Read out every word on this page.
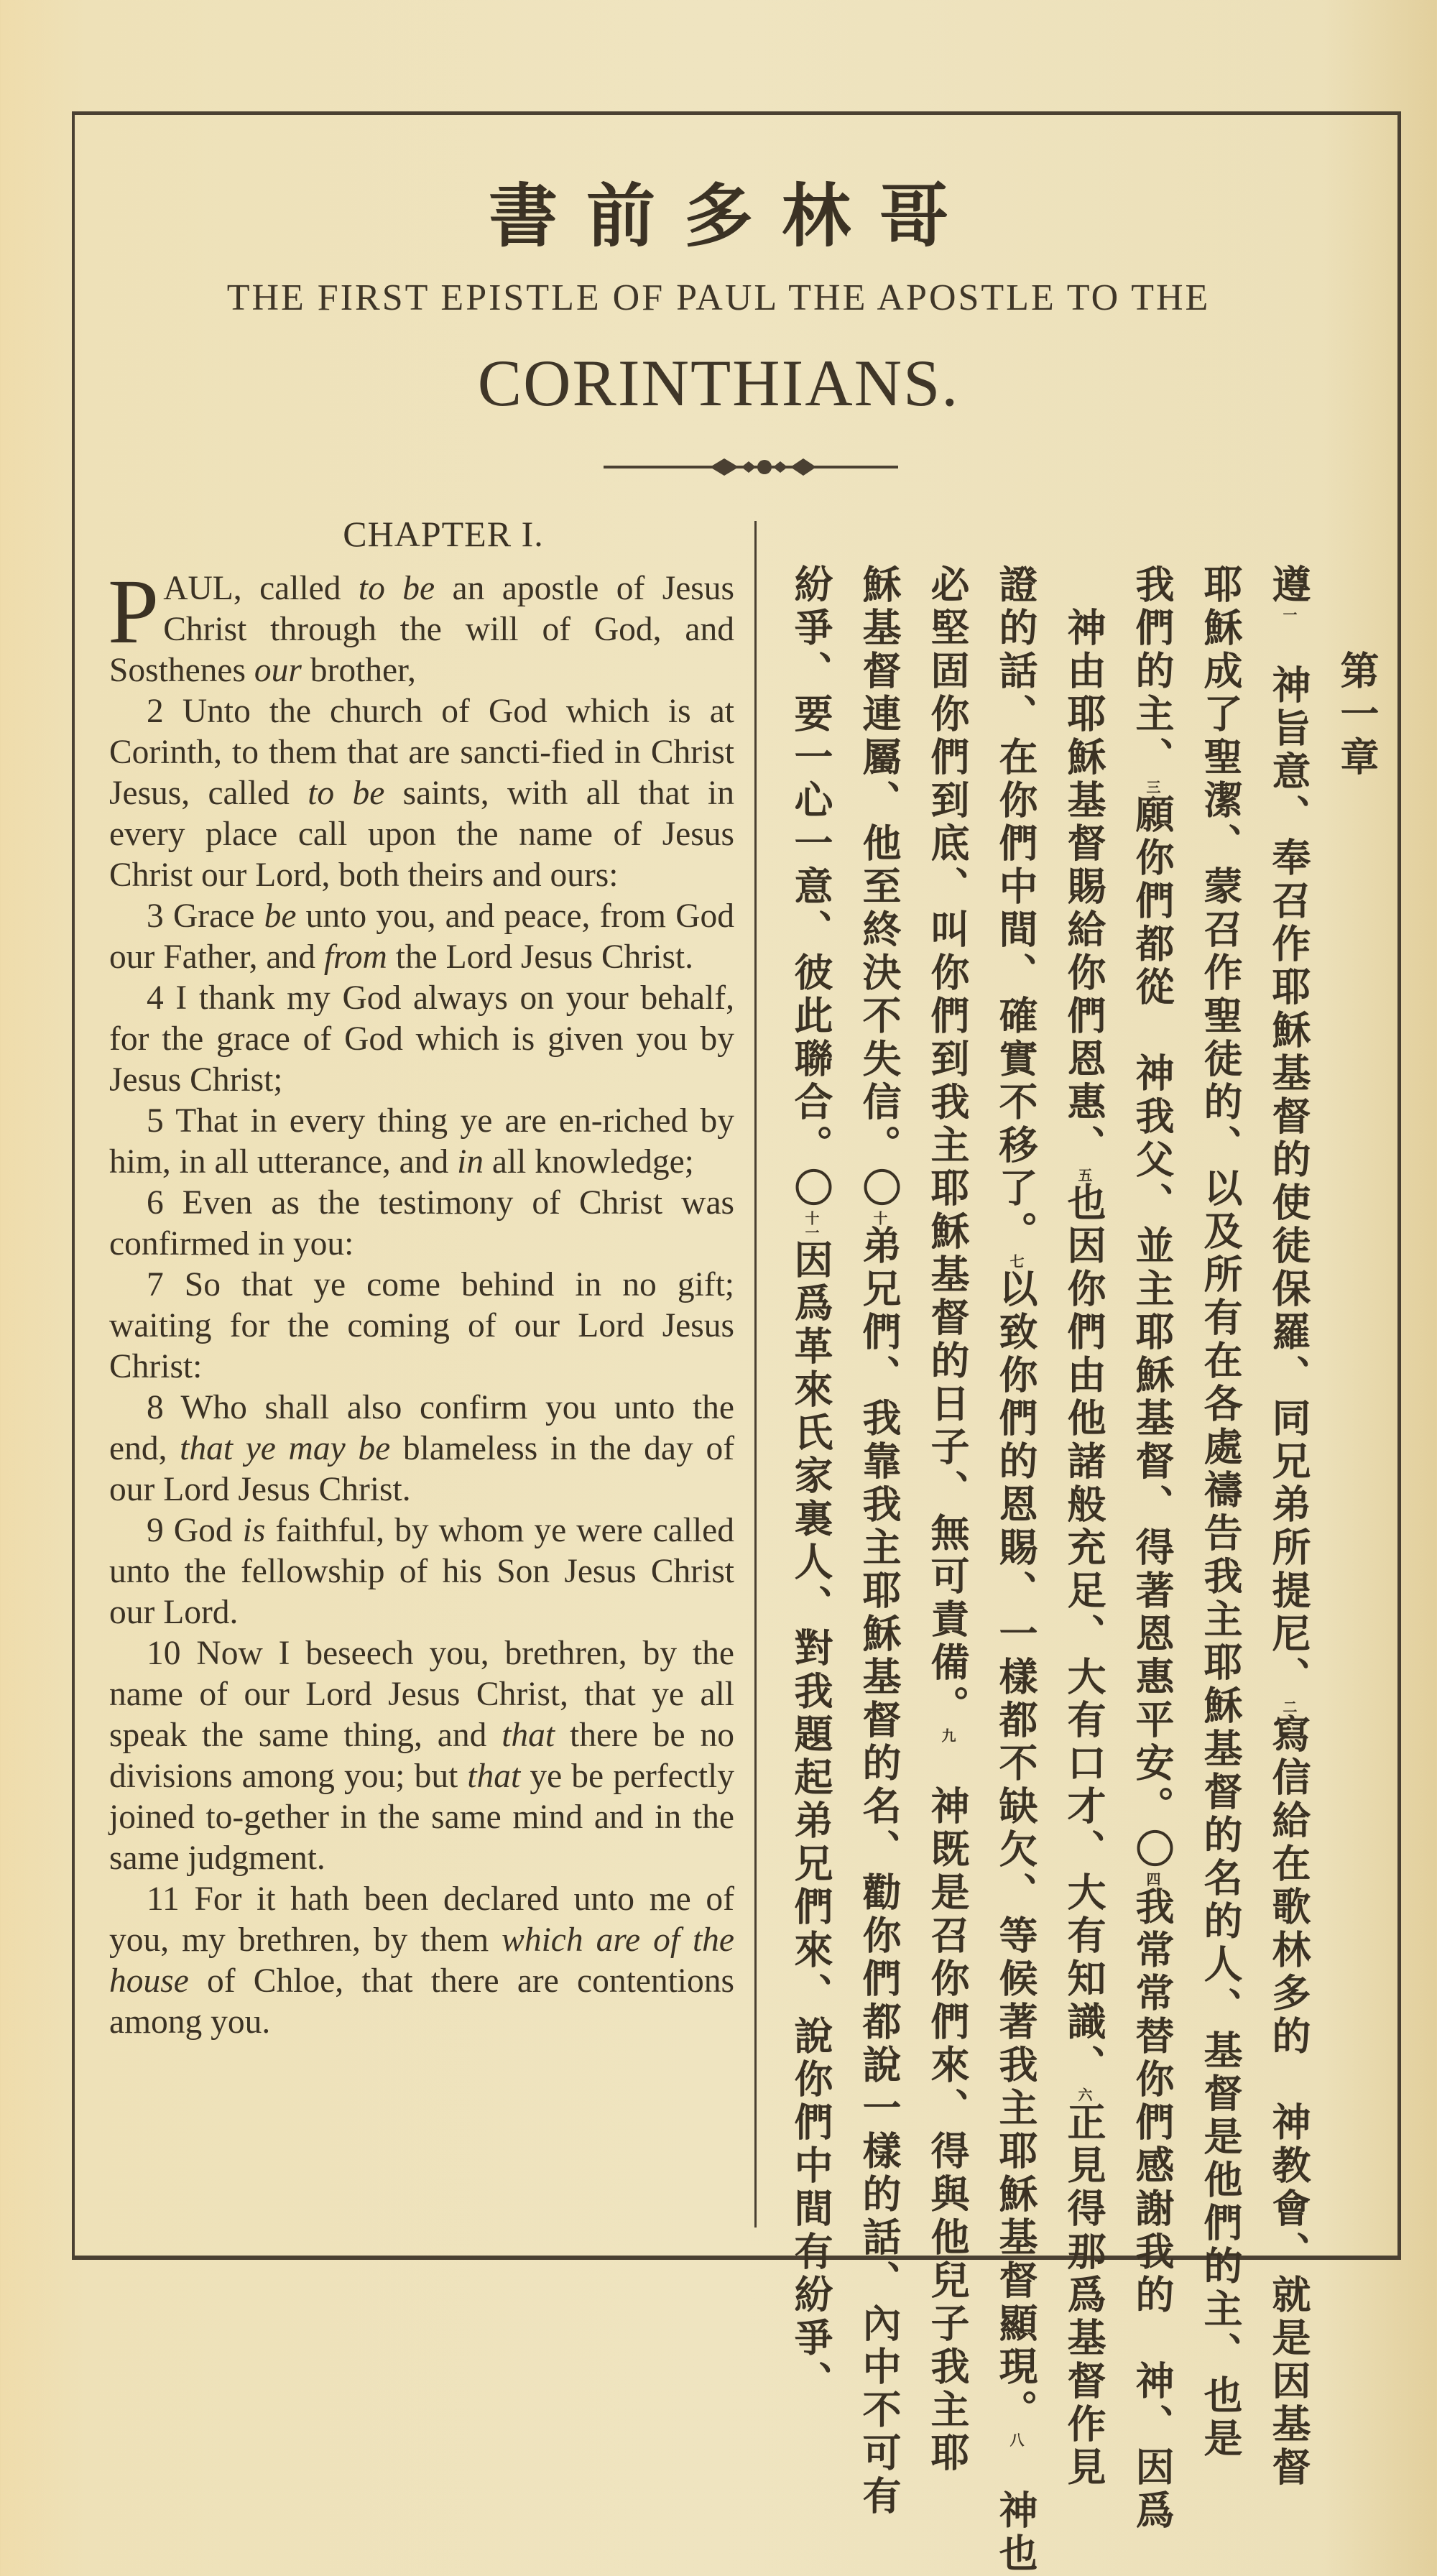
書前多林哥
THE FIRST EPISTLE OF PAUL THE APOSTLE TO THE
CORINTHIANS.
CHAPTER I.

PAUL, called to be an apostle of Jesus Christ through the will of God, and Sosthenes our brother,

2 Unto the church of God which is at Corinth, to them that are sancti-fied in Christ Jesus, called to be saints, with all that in every place call upon the name of Jesus Christ our Lord, both theirs and ours:

3 Grace be unto you, and peace, from God our Father, and from the Lord Jesus Christ.

4 I thank my God always on your behalf, for the grace of God which is given you by Jesus Christ;

5 That in every thing ye are en-riched by him, in all utterance, and in all knowledge;

6 Even as the testimony of Christ was confirmed in you:

7 So that ye come behind in no gift; waiting for the coming of our Lord Jesus Christ:

8 Who shall also confirm you unto the end, that ye may be blameless in the day of our Lord Jesus Christ.

9 God is faithful, by whom ye were called unto the fellowship of his Son Jesus Christ our Lord.

10 Now I beseech you, brethren, by the name of our Lord Jesus Christ, that ye all speak the same thing, and that there be no divisions among you; but that ye be perfectly joined to-gether in the same mind and in the same judgment.

11 For it hath been declared unto me of you, my brethren, by them which are of the house of Chloe, that there are contentions among you.

第一章
遵一　神旨意、奉召作耶穌基督的使徒保羅、同兄弟所提尼、二寫信給在歌林多的　神教會、就是因基督
耶穌成了聖潔、蒙召作聖徒的、以及所有在各處禱告我主耶穌基督的名的人、基督是他們的主、也是
我們的主、三願你們都從　神我父、並主耶穌基督、得著恩惠平安。〇四我常常替你們感謝我的　神、因爲
神由耶穌基督賜給你們恩惠、五也因你們由他諸般充足、大有口才、大有知識、六正見得那爲基督作見
證的話、在你們中間、確實不移了。七以致你們的恩賜、一樣都不缺欠、等候著我主耶穌基督顯現。八　神也
必堅固你們到底、叫你們到我主耶穌基督的日子、無可責備。九　神既是召你們來、得與他兒子我主耶
穌基督連屬、他至終決不失信。〇十弟兄們、我靠我主耶穌基督的名、勸你們都說一樣的話、內中不可有
紛爭、要一心一意、彼此聯合。〇十一因爲革來氏家裏人、對我題起弟兄們來、說你們中間有紛爭、
